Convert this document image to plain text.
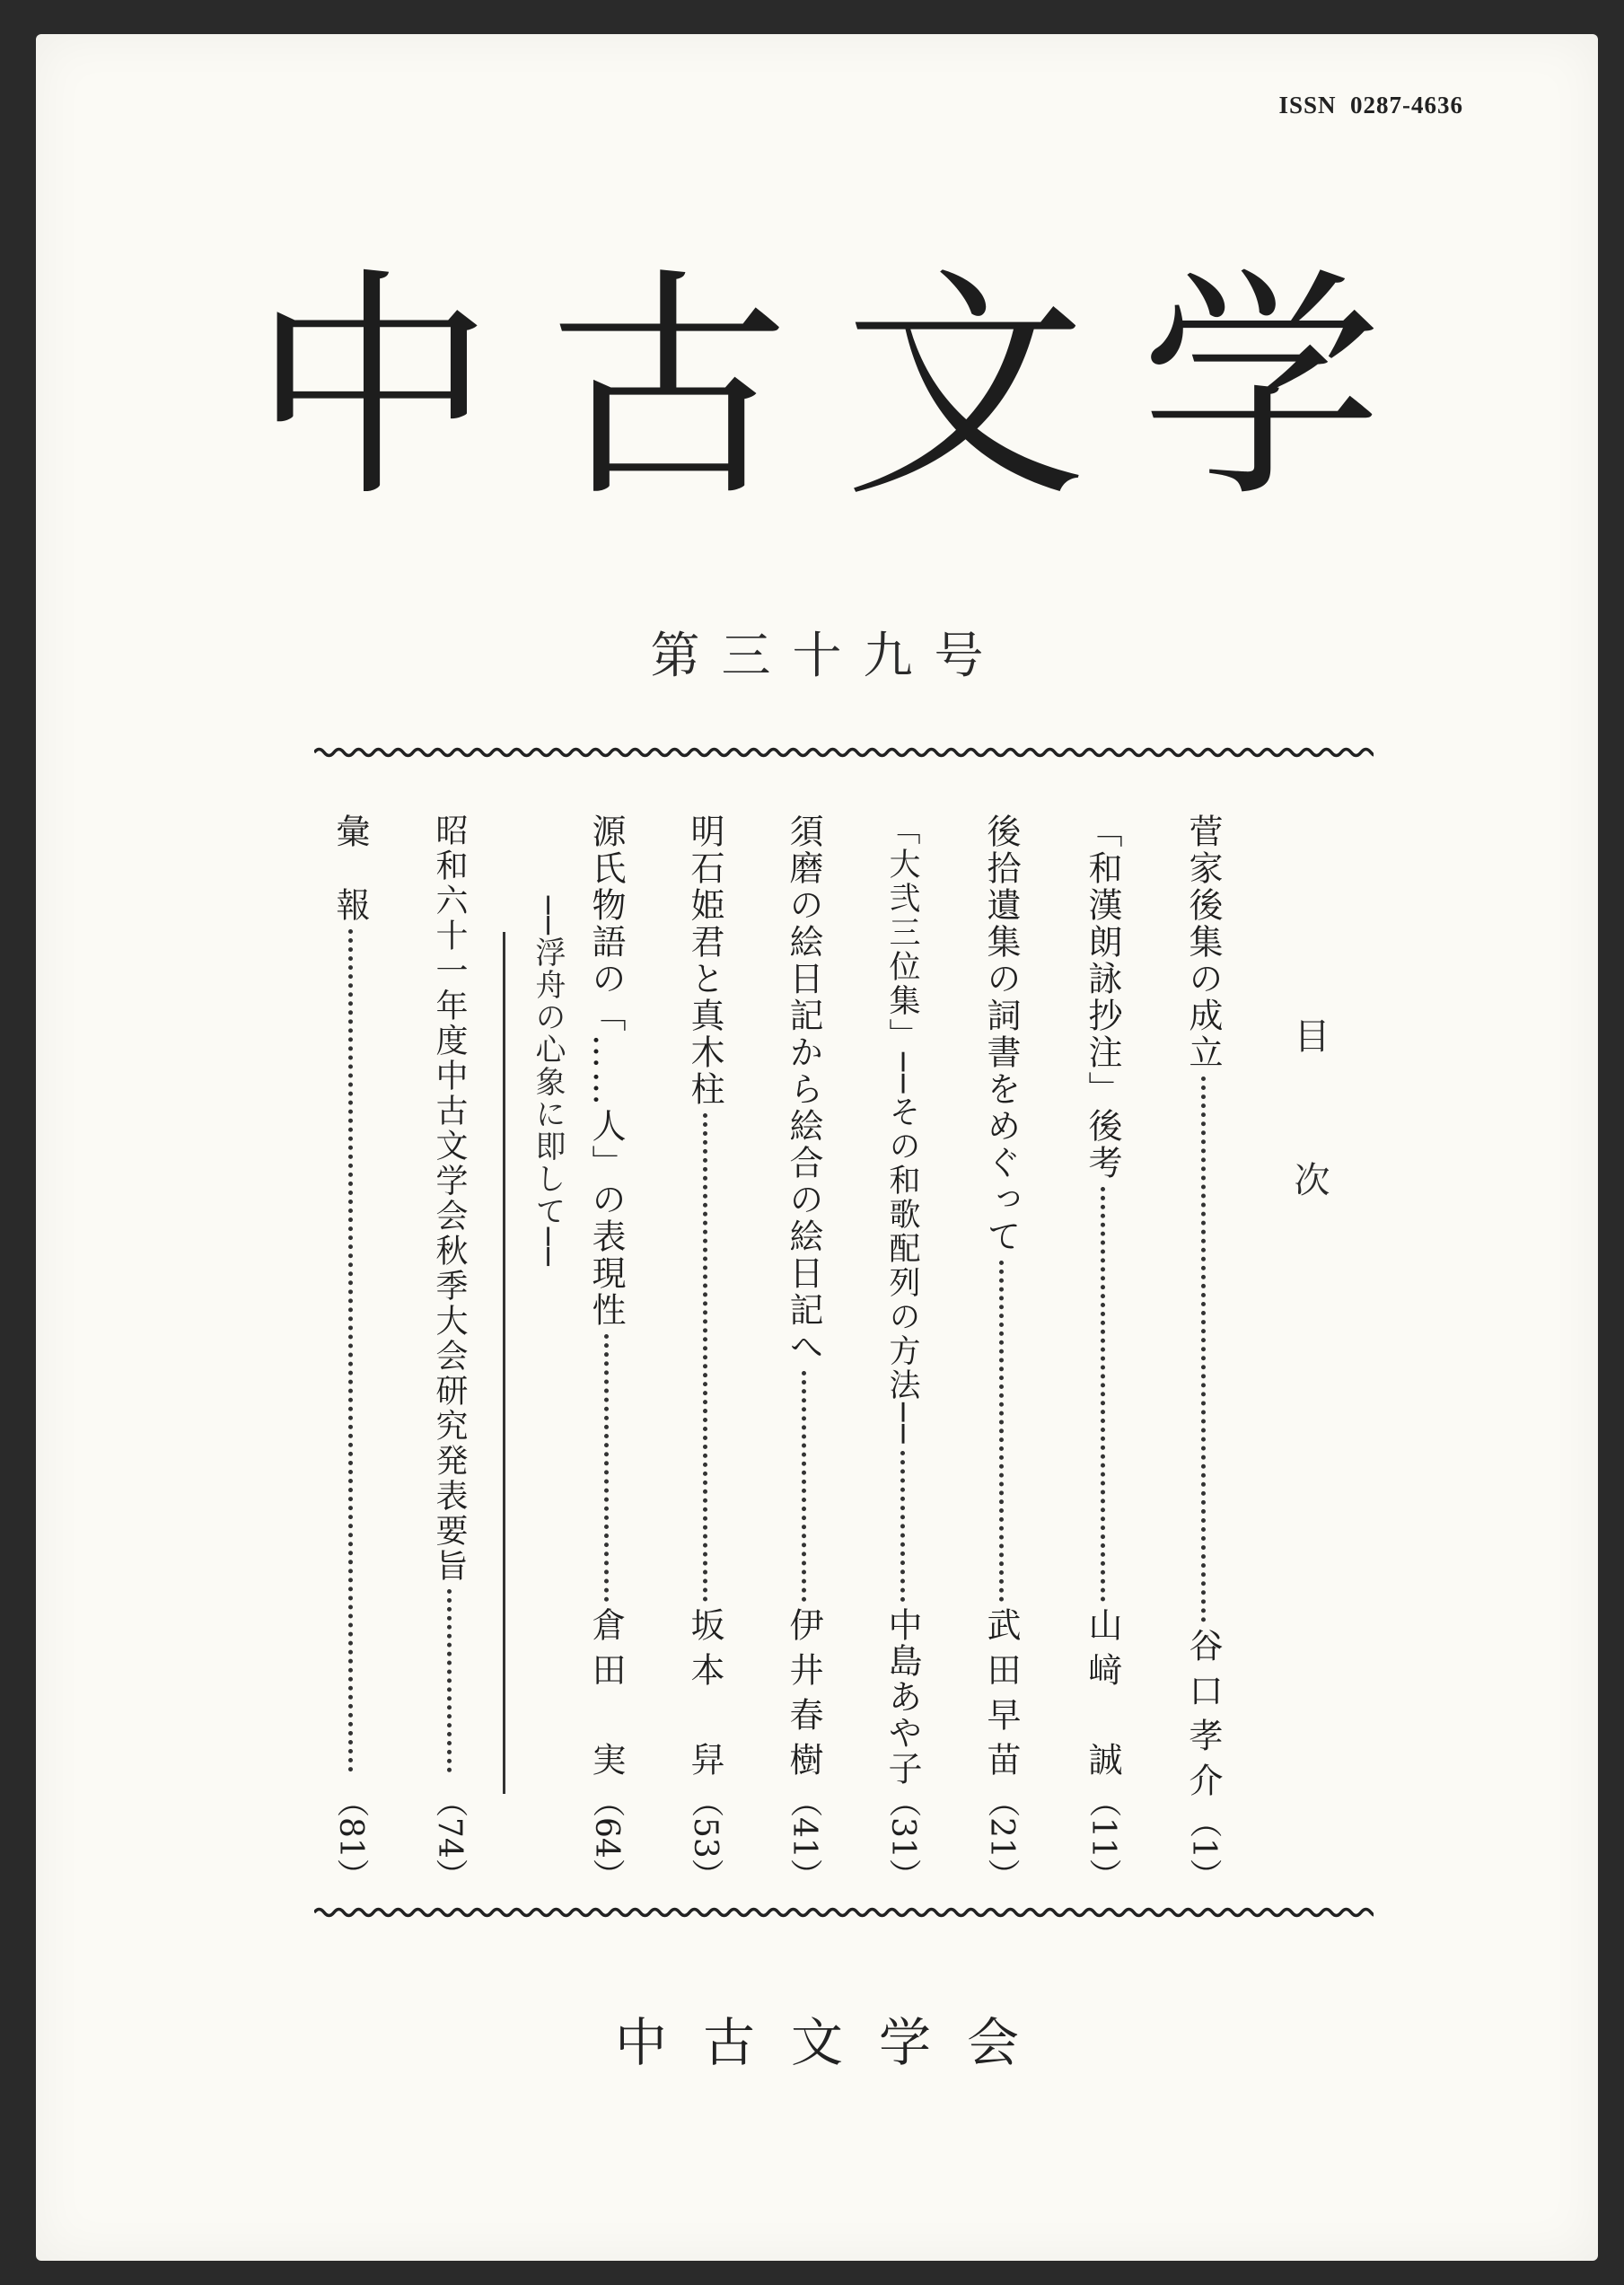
ISSN  0287-4636
中古文学
第三十九号
目次
菅家後集の成立
谷口孝介
（1）
「和漢朗詠抄注」後考
山﨑　誠
（11）
後拾遺集の詞書をめぐって
武田早苗
（21）
「大弐三位集」──その和歌配列の方法──
中島あや子
（31）
須磨の絵日記から絵合の絵日記へ
伊井春樹
（41）
明石姫君と真木柱
坂本　舁
（53）
源氏物語の「……人」の表現性
倉田　実
（64）
──浮舟の心象に即して──
昭和六十一年度中古文学会秋季大会研究発表要旨
（74）
彙　報
（81）
中古文学会
